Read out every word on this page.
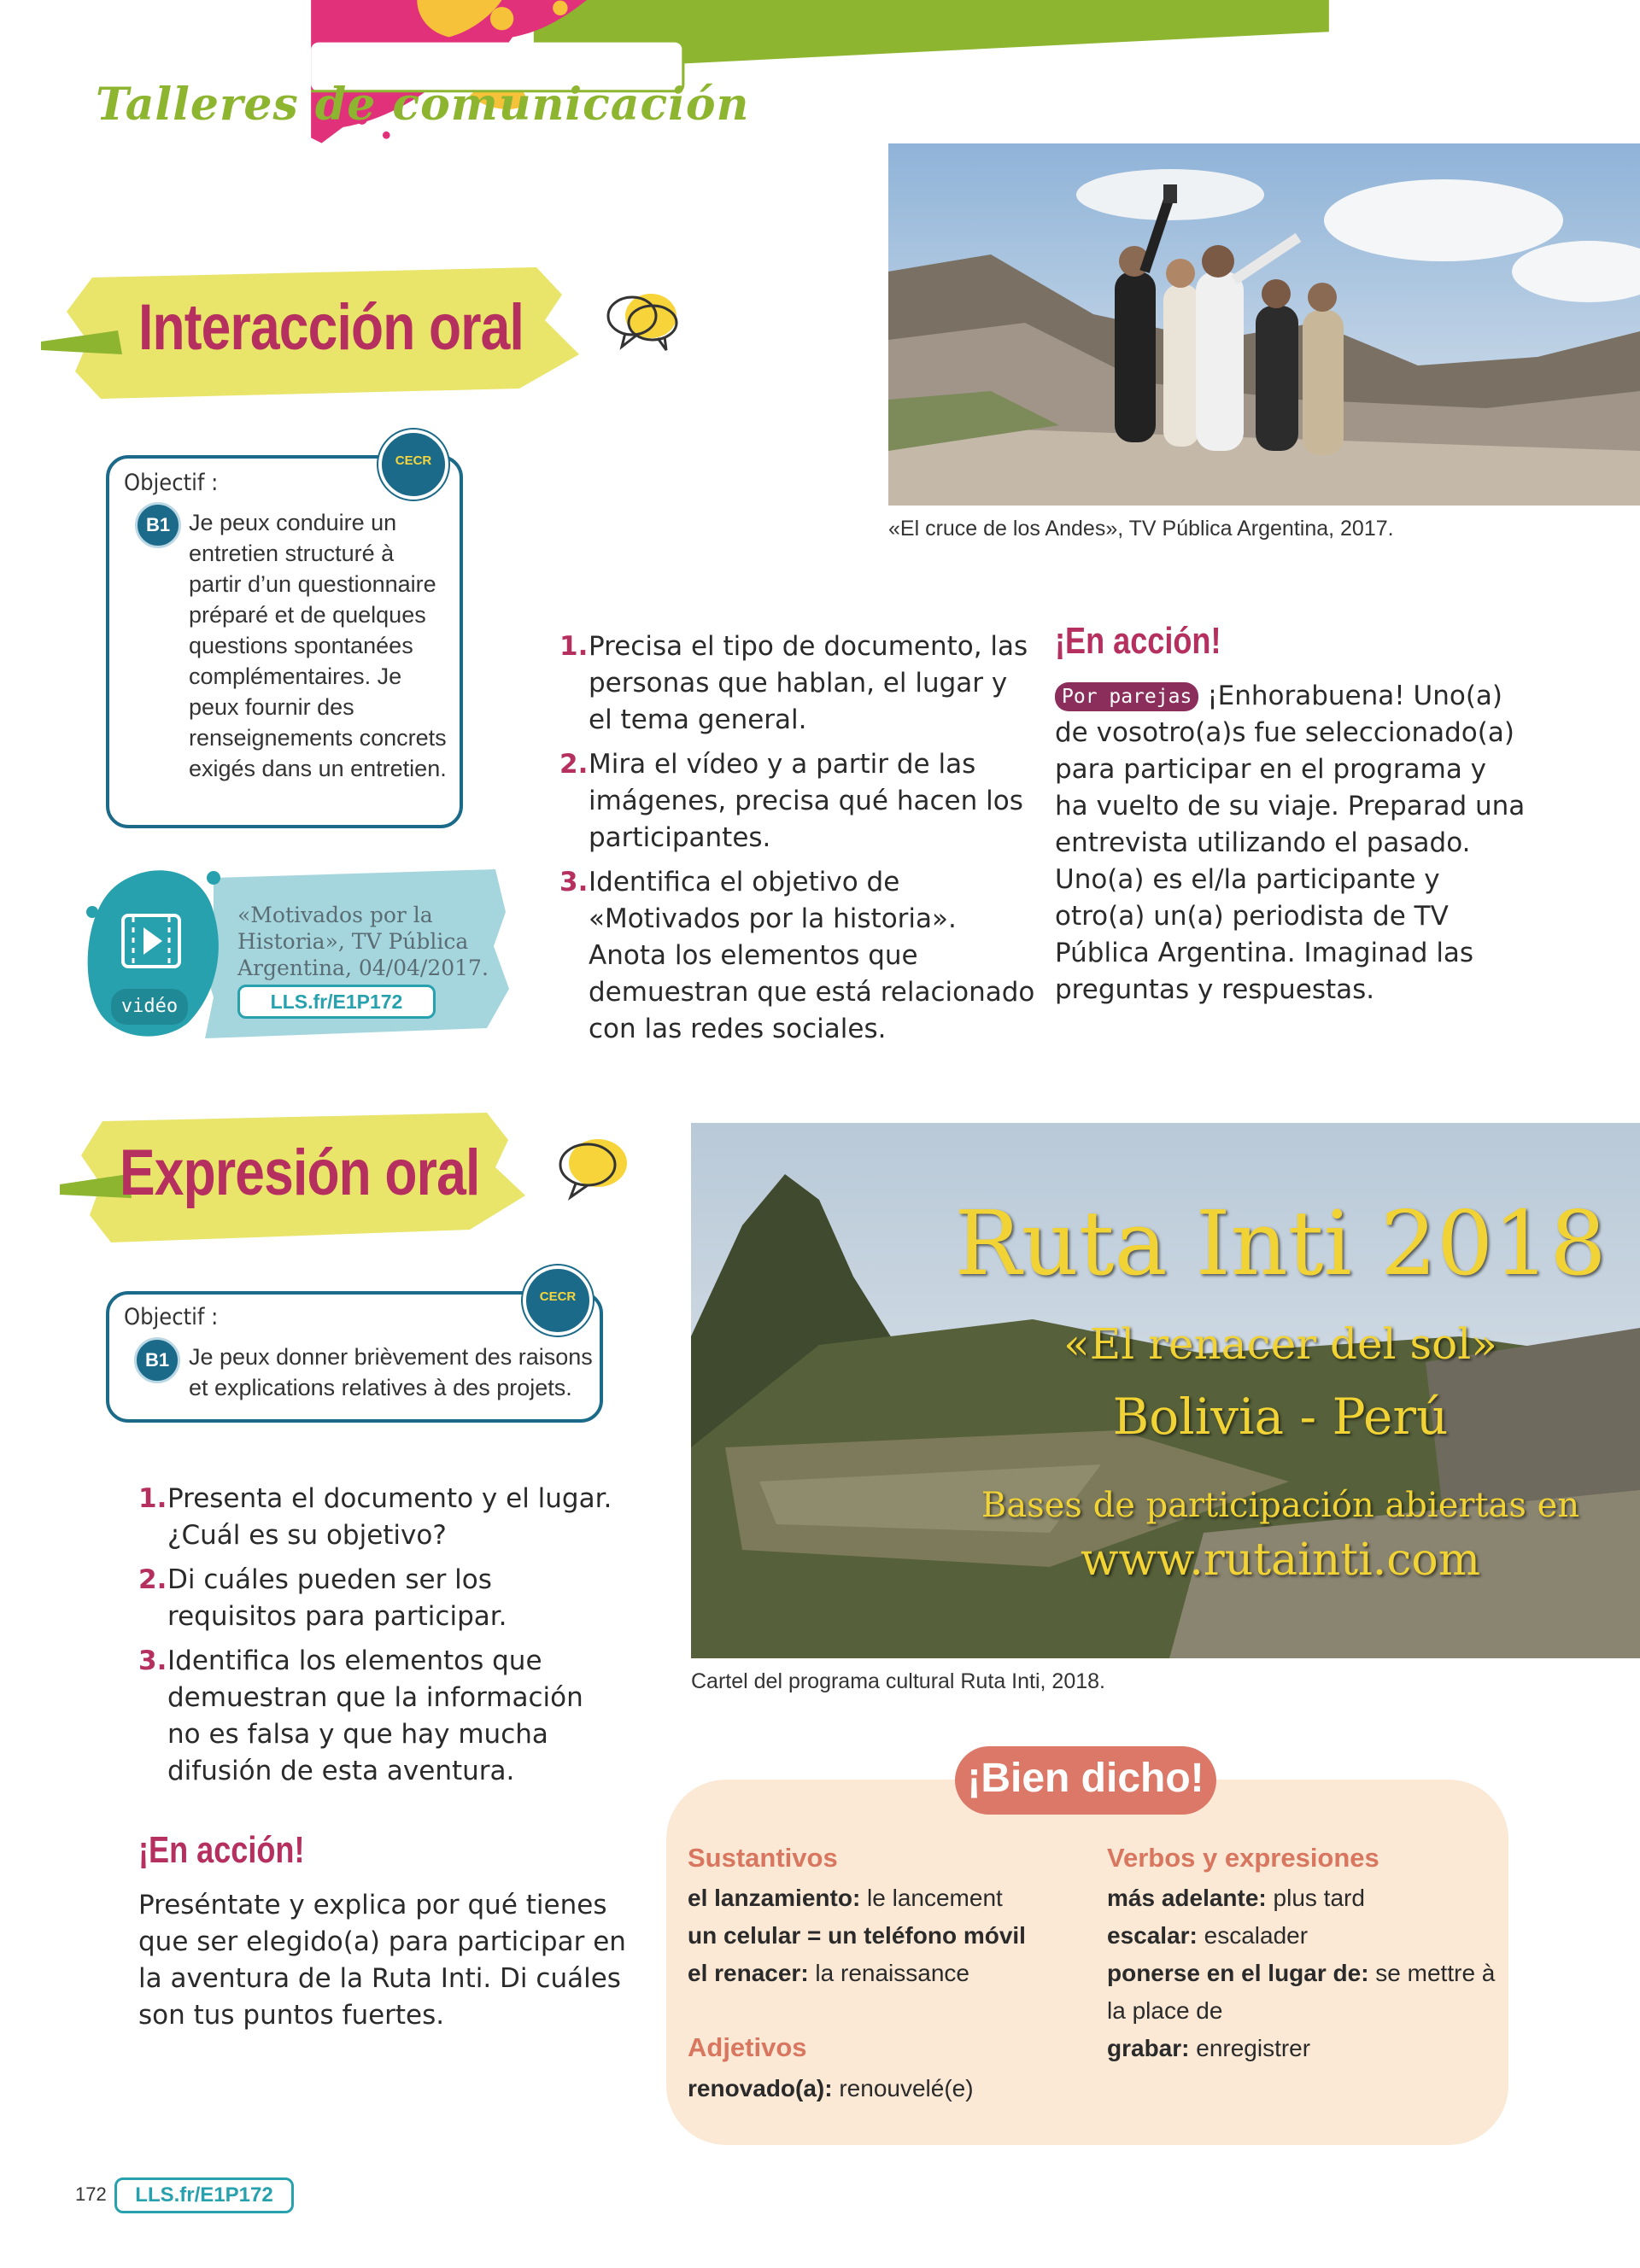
Talleres de comunicación
Interacción oral
CECR
Objectif :
B1 Je peux conduire un
entretien structuré à
partir d’un questionnaire
préparé et de quelques
questions spontanées
complémentaires. Je
peux fournir des
renseignements concrets
exigés dans un entretien.
vidéo
«Motivados por la
Historia», TV Pública
Argentina, 04/04/2017.
LLS.fr/E1P172
«El cruce de los Andes», TV Pública Argentina, 2017.
1. Precisa el tipo de documento, las
personas que hablan, el lugar y
el tema general.
2. Mira el vídeo y a partir de las
imágenes, precisa qué hacen los
participantes.
3. Identifica el objetivo de
«Motivados por la historia».
Anota los elementos que
demuestran que está relacionado
con las redes sociales.
¡En acción!
Por parejas ¡Enhorabuena! Uno(a)
de vosotro(a)s fue seleccionado(a)
para participar en el programa y
ha vuelto de su viaje. Preparad una
entrevista utilizando el pasado.
Uno(a) es el/la participante y
otro(a) un(a) periodista de TV
Pública Argentina. Imaginad las
preguntas y respuestas.
Expresión oral
CECR
Objectif :
B1 Je peux donner brièvement des raisons
et explications relatives à des projets.
1. Presenta el documento y el lugar.
¿Cuál es su objetivo?
2. Di cuáles pueden ser los
requisitos para participar.
3. Identifica los elementos que
demuestran que la información
no es falsa y que hay mucha
difusión de esta aventura.
¡En acción!
Preséntate y explica por qué tienes
que ser elegido(a) para participar en
la aventura de la Ruta Inti. Di cuáles
son tus puntos fuertes.
Ruta Inti 2018
«El renacer del sol»
Bolivia - Perú
Bases de participación abiertas en
www.rutainti.com
Cartel del programa cultural Ruta Inti, 2018.
¡Bien dicho!
Sustantivos
el lanzamiento: le lancement
un celular = un teléfono móvil
el renacer: la renaissance
Adjetivos
renovado(a): renouvelé(e)
Verbos y expresiones
más adelante: plus tard
escalar: escalader
ponerse en el lugar de: se mettre à
la place de
grabar: enregistrer
172	LLS.fr/E1P172
